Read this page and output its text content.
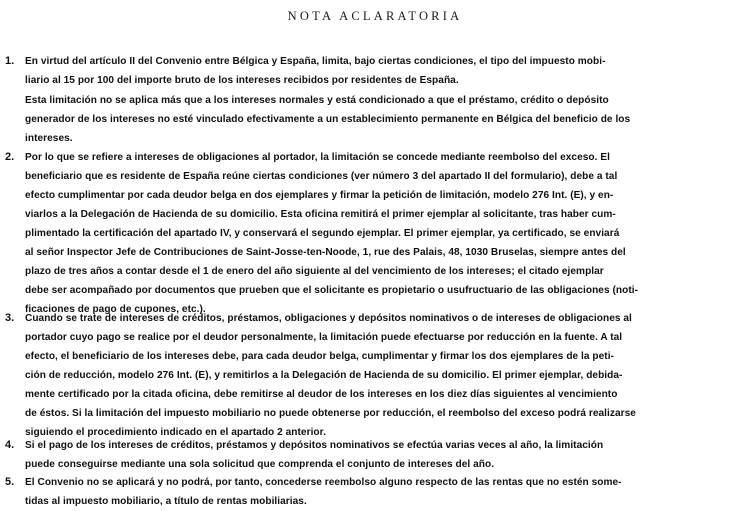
NOTA ACLARATORIA
1. En virtud del artículo II del Convenio entre Bélgica y España, limita, bajo ciertas condiciones, el tipo del impuesto mobi-
liario al 15 por 100 del importe bruto de los intereses recibidos por residentes de España.
Esta limitación no se aplica más que a los intereses normales y está condicionado a que el préstamo, crédito o depósito
generador de los intereses no esté vinculado efectivamente a un establecimiento permanente en Bélgica del beneficio de los
intereses.
2. Por lo que se refiere a intereses de obligaciones al portador, la limitación se concede mediante reembolso del exceso. El
beneficiario que es residente de España reúne ciertas condiciones (ver número 3 del apartado II del formulario), debe a tal
efecto cumplimentar por cada deudor belga en dos ejemplares y firmar la petición de limitación, modelo 276 Int. (E), y en-
viarlos a la Delegación de Hacienda de su domicilio. Esta oficina remitirá el primer ejemplar al solicitante, tras haber cum-
plimentado la certificación del apartado IV, y conservará el segundo ejemplar. El primer ejemplar, ya certificado, se enviará
al señor Inspector Jefe de Contribuciones de Saint-Josse-ten-Noode, 1, rue des Palais, 48, 1030 Bruselas, siempre antes del
plazo de tres años a contar desde el 1 de enero del año siguiente al del vencimiento de los intereses; el citado ejemplar
debe ser acompañado por documentos que prueben que el solicitante es propietario o usufructuario de las obligaciones (noti-
ficaciones de pago de cupones, etc.).
3. Cuando se trate de intereses de créditos, préstamos, obligaciones y depósitos nominativos o de intereses de obligaciones al
portador cuyo pago se realice por el deudor personalmente, la limitación puede efectuarse por reducción en la fuente. A tal
efecto, el beneficiario de los intereses debe, para cada deudor belga, cumplimentar y firmar los dos ejemplares de la peti-
ción de reducción, modelo 276 Int. (E), y remitirlos a la Delegación de Hacienda de su domicilio. El primer ejemplar, debida-
mente certificado por la citada oficina, debe remitirse al deudor de los intereses en los diez días siguientes al vencimiento
de éstos. Si la limitación del impuesto mobiliario no puede obtenerse por reducción, el reembolso del exceso podrá realizarse
siguiendo el procedimiento indicado en el apartado 2 anterior.
4. Si el pago de los intereses de créditos, préstamos y depósitos nominativos se efectúa varias veces al año, la limitación
puede conseguirse mediante una sola solicitud que comprenda el conjunto de intereses del año.
5. El Convenio no se aplicará y no podrá, por tanto, concederse reembolso alguno respecto de las rentas que no estén some-
tidas al impuesto mobiliario, a título de rentas mobiliarias.
